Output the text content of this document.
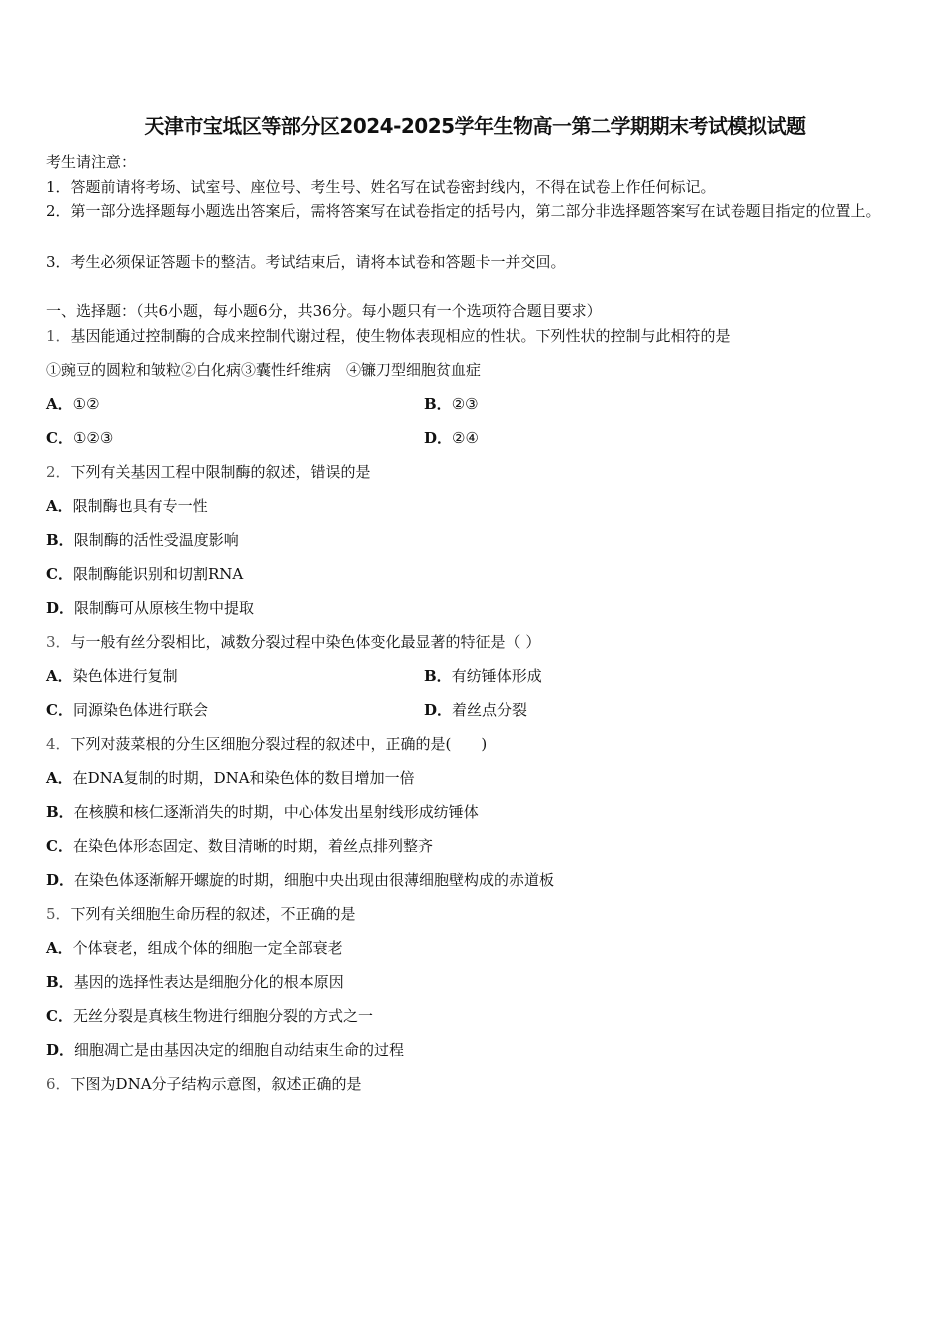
天津市宝坻区等部分区2024-2025学年生物高一第二学期期末考试模拟试题
考生请注意：
1．答题前请将考场、试室号、座位号、考生号、姓名写在试卷密封线内，不得在试卷上作任何标记。
2．第一部分选择题每小题选出答案后，需将答案写在试卷指定的括号内，第二部分非选择题答案写在试卷题目指定的位置上。
3．考生必须保证答题卡的整洁。考试结束后，请将本试卷和答题卡一并交回。
一、选择题：（共6小题，每小题6分，共36分。每小题只有一个选项符合题目要求）
1．基因能通过控制酶的合成来控制代谢过程，使生物体表现相应的性状。下列性状的控制与此相符的是
①豌豆的圆粒和皱粒②白化病③囊性纤维病　④镰刀型细胞贫血症
A．①②	B．②③
C．①②③	D．②④
2．下列有关基因工程中限制酶的叙述，错误的是
A．限制酶也具有专一性
B．限制酶的活性受温度影响
C．限制酶能识别和切割RNA
D．限制酶可从原核生物中提取
3．与一般有丝分裂相比，减数分裂过程中染色体变化最显著的特征是（ ）
A．染色体进行复制	B．有纺锤体形成
C．同源染色体进行联会	D．着丝点分裂
4．下列对菠菜根的分生区细胞分裂过程的叙述中，正确的是(　　)
A．在DNA复制的时期，DNA和染色体的数目增加一倍
B．在核膜和核仁逐渐消失的时期，中心体发出星射线形成纺锤体
C．在染色体形态固定、数目清晰的时期，着丝点排列整齐
D．在染色体逐渐解开螺旋的时期，细胞中央出现由很薄细胞壁构成的赤道板
5．下列有关细胞生命历程的叙述，不正确的是
A．个体衰老，组成个体的细胞一定全部衰老
B．基因的选择性表达是细胞分化的根本原因
C．无丝分裂是真核生物进行细胞分裂的方式之一
D．细胞凋亡是由基因决定的细胞自动结束生命的过程
6．下图为DNA分子结构示意图，叙述正确的是
